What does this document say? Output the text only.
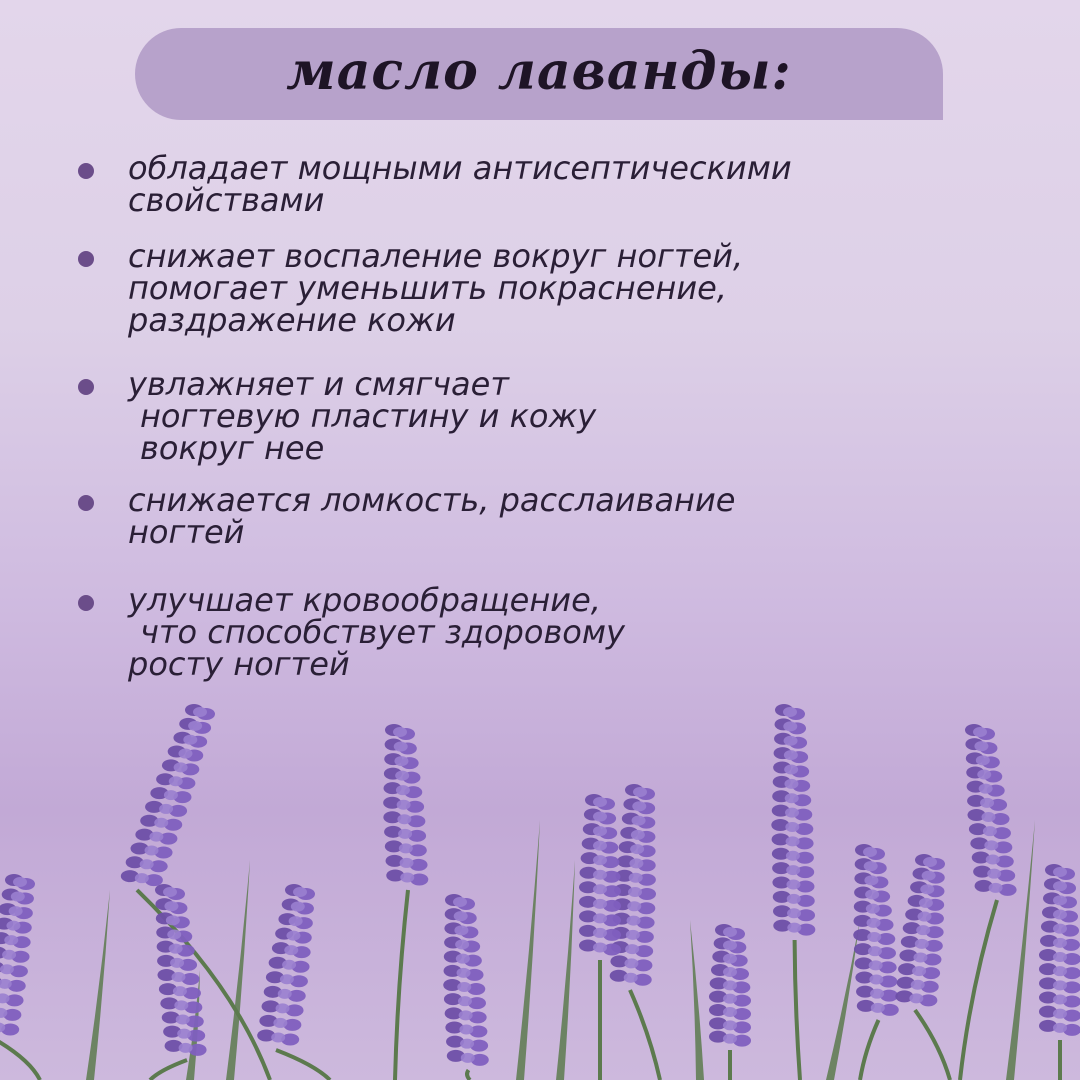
масло лаванды:
обладает мощными антисептическими
свойствами
снижает воспаление вокруг ногтей,
помогает уменьшить покраснение,
раздражение кожи
увлажняет и смягчает
ногтевую пластину и кожу
вокруг нее
снижается ломкость, расслаивание
ногтей
улучшает кровообращение,
что способствует здоровому
росту ногтей
